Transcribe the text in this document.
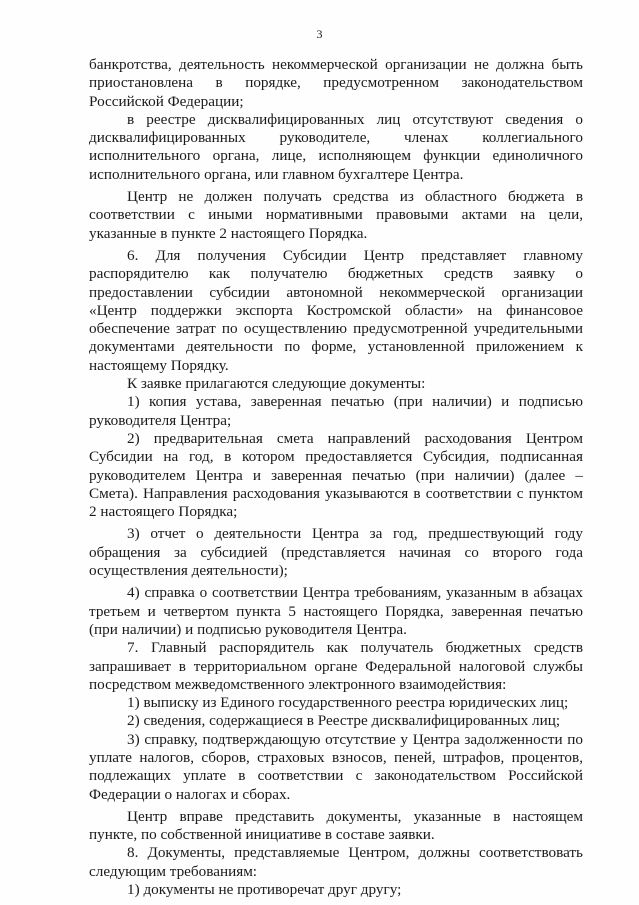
3

банкротства, деятельность некоммерческой организации не должна быть приостановлена в порядке, предусмотренном законодательством Российской Федерации;

в реестре дисквалифицированных лиц отсутствуют сведения о дисквалифицированных руководителе, членах коллегиального исполнительного органа, лице, исполняющем функции единоличного исполнительного органа, или главном бухгалтере Центра.

Центр не должен получать средства из областного бюджета в соответствии с иными нормативными правовыми актами на цели, указанные в пункте 2 настоящего Порядка.

6. Для получения Субсидии Центр представляет главному распорядителю как получателю бюджетных средств заявку о предоставлении субсидии автономной некоммерческой организации «Центр поддержки экспорта Костромской области» на финансовое обеспечение затрат по осуществлению предусмотренной учредительными документами деятельности по форме, установленной приложением к настоящему Порядку.

К заявке прилагаются следующие документы:

1) копия устава, заверенная печатью (при наличии) и подписью руководителя Центра;

2) предварительная смета направлений расходования Центром Субсидии на год, в котором предоставляется Субсидия, подписанная руководителем Центра и заверенная печатью (при наличии) (далее – Смета). Направления расходования указываются в соответствии с пунктом 2 настоящего Порядка;

3) отчет о деятельности Центра за год, предшествующий году обращения за субсидией (представляется начиная со второго года осуществления деятельности);

4) справка о соответствии Центра требованиям, указанным в абзацах третьем и четвертом пункта 5 настоящего Порядка, заверенная печатью (при наличии) и подписью руководителя Центра.

7. Главный распорядитель как получатель бюджетных средств запрашивает в территориальном органе Федеральной налоговой службы посредством межведомственного электронного взаимодействия:

1) выписку из Единого государственного реестра юридических лиц;

2) сведения, содержащиеся в Реестре дисквалифицированных лиц;

3) справку, подтверждающую отсутствие у Центра задолженности по уплате налогов, сборов, страховых взносов, пеней, штрафов, процентов, подлежащих уплате в соответствии с законодательством Российской Федерации о налогах и сборах.

Центр вправе представить документы, указанные в настоящем пункте, по собственной инициативе в составе заявки.

8. Документы, представляемые Центром, должны соответствовать следующим требованиям:

1) документы не противоречат друг другу;
